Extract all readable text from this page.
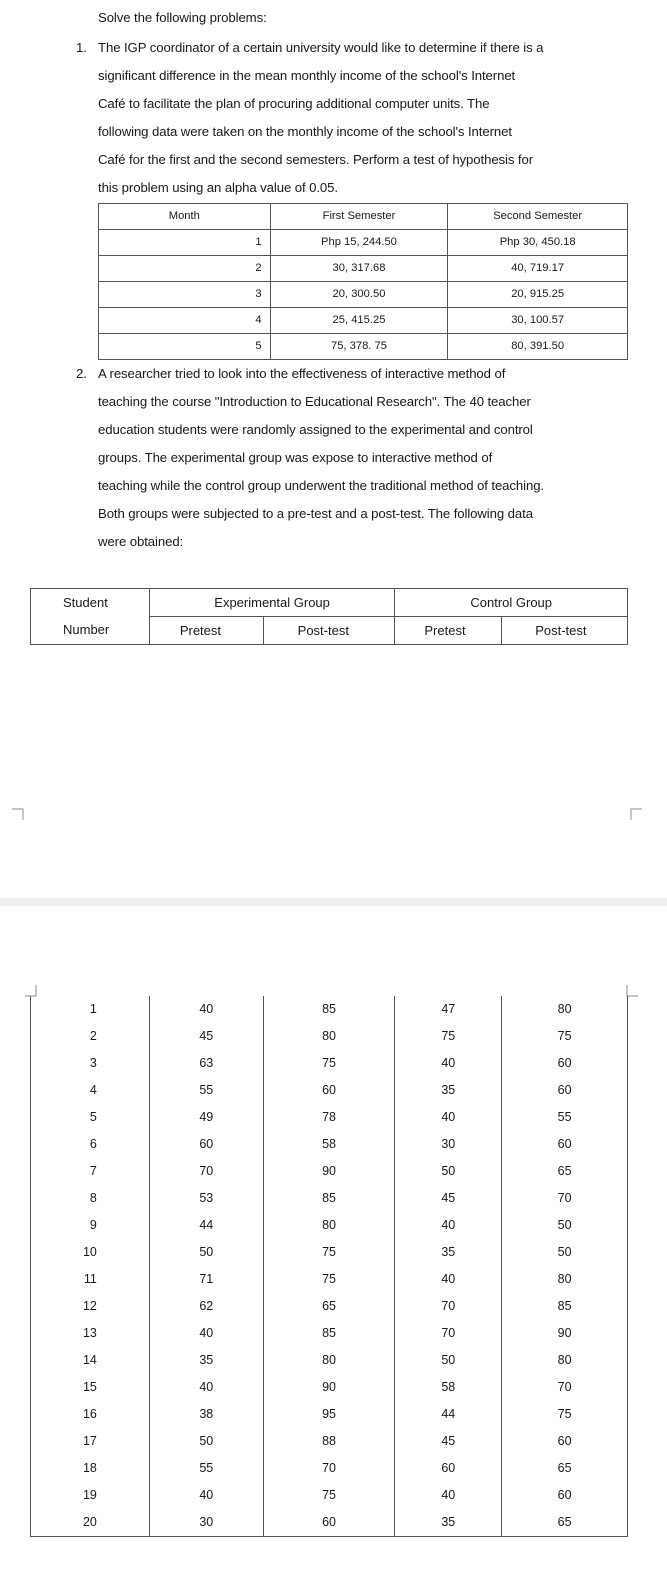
Solve the following problems:
1. The IGP coordinator of a certain university would like to determine if there is a
significant difference in the mean monthly income of the school's Internet
Café to facilitate the plan of procuring additional computer units. The
following data were taken on the monthly income of the school's Internet
Café for the first and the second semesters. Perform a test of hypothesis for
this problem using an alpha value of 0.05.
Month	First Semester	Second Semester
1	Php 15, 244.50	Php 30, 450.18
2	30, 317.68	40, 719.17
3	20, 300.50	20, 915.25
4	25, 415.25	30, 100.57
5	75, 378. 75	80, 391.50
2. A researcher tried to look into the effectiveness of interactive method of
teaching the course "Introduction to Educational Research". The 40 teacher
education students were randomly assigned to the experimental and control
groups. The experimental group was expose to interactive method of
teaching while the control group underwent the traditional method of teaching.
Both groups were subjected to a pre-test and a post-test. The following data
were obtained:
Student
Number	Experimental Group		Control Group	
	Pretest	Post-test	Pretest	Post-test
1	40	85	47	80
2	45	80	75	75
3	63	75	40	60
4	55	60	35	60
5	49	78	40	55
6	60	58	30	60
7	70	90	50	65
8	53	85	45	70
9	44	80	40	50
10	50	75	35	50
11	71	75	40	80
12	62	65	70	85
13	40	85	70	90
14	35	80	50	80
15	40	90	58	70
16	38	95	44	75
17	50	88	45	60
18	55	70	60	65
19	40	75	40	60
20	30	60	35	65
